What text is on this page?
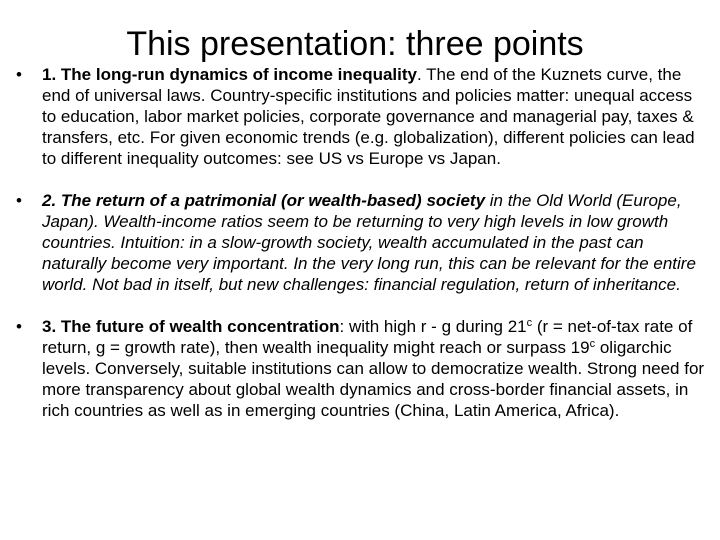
This presentation: three points
• 1. The long-run dynamics of income inequality. The end of the Kuznets curve, the end of universal laws. Country-specific institutions and policies matter: unequal access to education, labor market policies, corporate governance and managerial pay, taxes & transfers, etc. For given economic trends (e.g. globalization), different policies can lead to different inequality outcomes: see US vs Europe vs Japan.
• 2. The return of a patrimonial (or wealth-based) society in the Old World (Europe, Japan). Wealth-income ratios seem to be returning to very high levels in low growth countries. Intuition: in a slow-growth society, wealth accumulated in the past can naturally become very important. In the very long run, this can be relevant for the entire world. Not bad in itself, but new challenges: financial regulation, return of inheritance.
• 3. The future of wealth concentration: with high r - g during 21$^c$ (r = net-of-tax rate of return, g = growth rate), then wealth inequality might reach or surpass 19$^c$ oligarchic levels. Conversely, suitable institutions can allow to democratize wealth. Strong need for more transparency about global wealth dynamics and cross-border financial assets, in rich countries as well as in emerging countries (China, Latin America, Africa).
